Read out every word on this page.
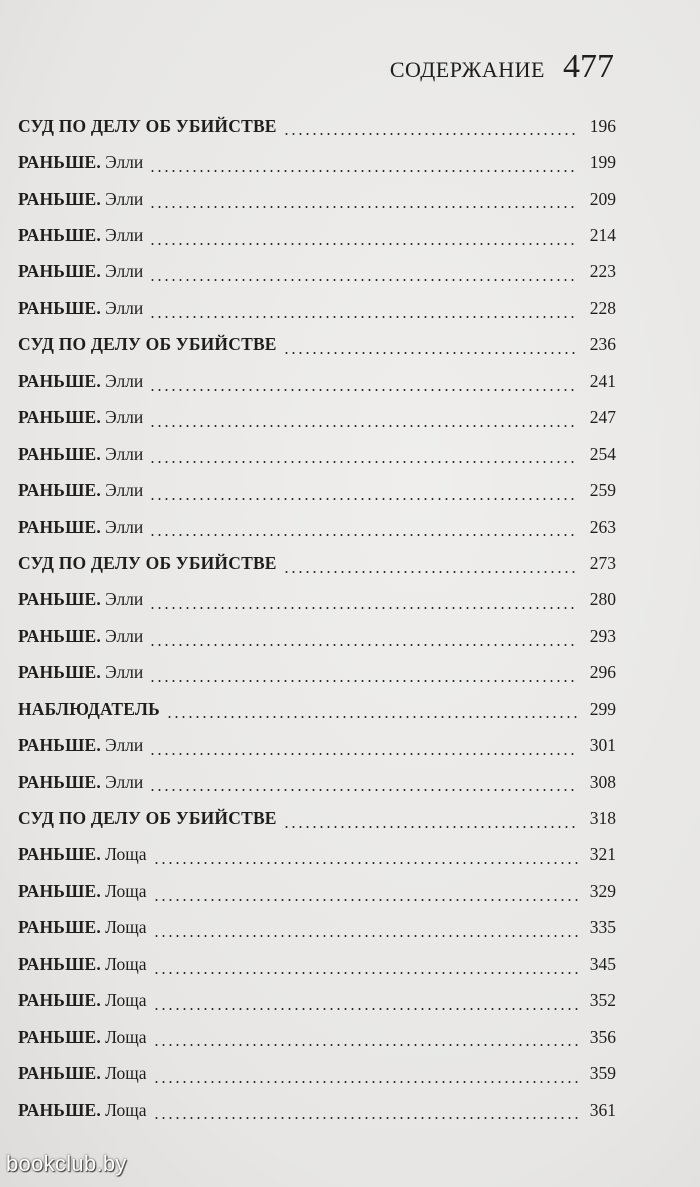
СОДЕРЖАНИЕ 477
СУД ПО ДЕЛУ ОБ УБИЙСТВЕ	196
РАНЬШЕ. Элли	199
РАНЬШЕ. Элли	209
РАНЬШЕ. Элли	214
РАНЬШЕ. Элли	223
РАНЬШЕ. Элли	228
СУД ПО ДЕЛУ ОБ УБИЙСТВЕ	236
РАНЬШЕ. Элли	241
РАНЬШЕ. Элли	247
РАНЬШЕ. Элли	254
РАНЬШЕ. Элли	259
РАНЬШЕ. Элли	263
СУД ПО ДЕЛУ ОБ УБИЙСТВЕ	273
РАНЬШЕ. Элли	280
РАНЬШЕ. Элли	293
РАНЬШЕ. Элли	296
НАБЛЮДАТЕЛЬ	299
РАНЬШЕ. Элли	301
РАНЬШЕ. Элли	308
СУД ПО ДЕЛУ ОБ УБИЙСТВЕ	318
РАНЬШЕ. Лоща	321
РАНЬШЕ. Лоща	329
РАНЬШЕ. Лоща	335
РАНЬШЕ. Лоща	345
РАНЬШЕ. Лоща	352
РАНЬШЕ. Лоща	356
РАНЬШЕ. Лоща	359
РАНЬШЕ. Лоща	361
bookclub.by
